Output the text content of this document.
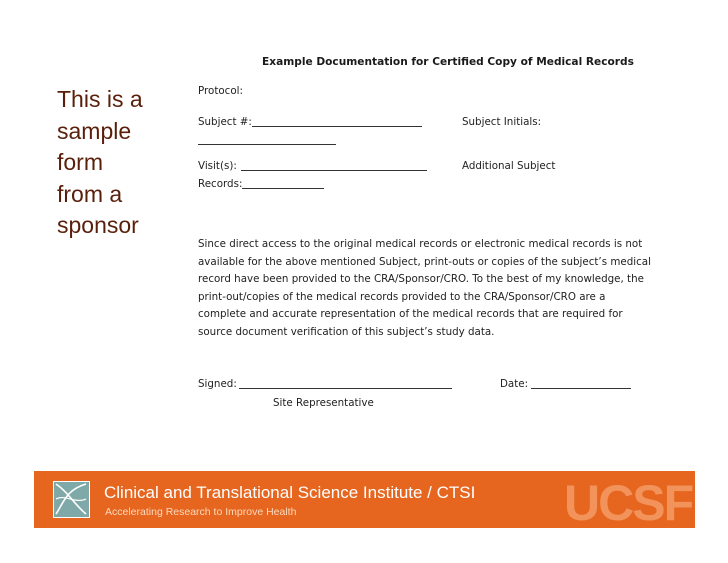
This is a
sample
form
from a
sponsor
Example Documentation for Certified Copy of Medical Records
Protocol:
Subject #:	Subject Initials:
Visit(s):	Additional Subject
Records:
Since direct access to the original medical records or electronic medical records is not
available for the above mentioned Subject, print-outs or copies of the subject’s medical
record have been provided to the CRA/Sponsor/CRO. To the best of my knowledge, the
print-out/copies of the medical records provided to the CRA/Sponsor/CRO are a
complete and accurate representation of the medical records that are required for
source document verification of this subject’s study data.
Signed:	Date:
Site Representative
Clinical and Translational Science Institute / CTSI
Accelerating Research to Improve Health	UCSF
